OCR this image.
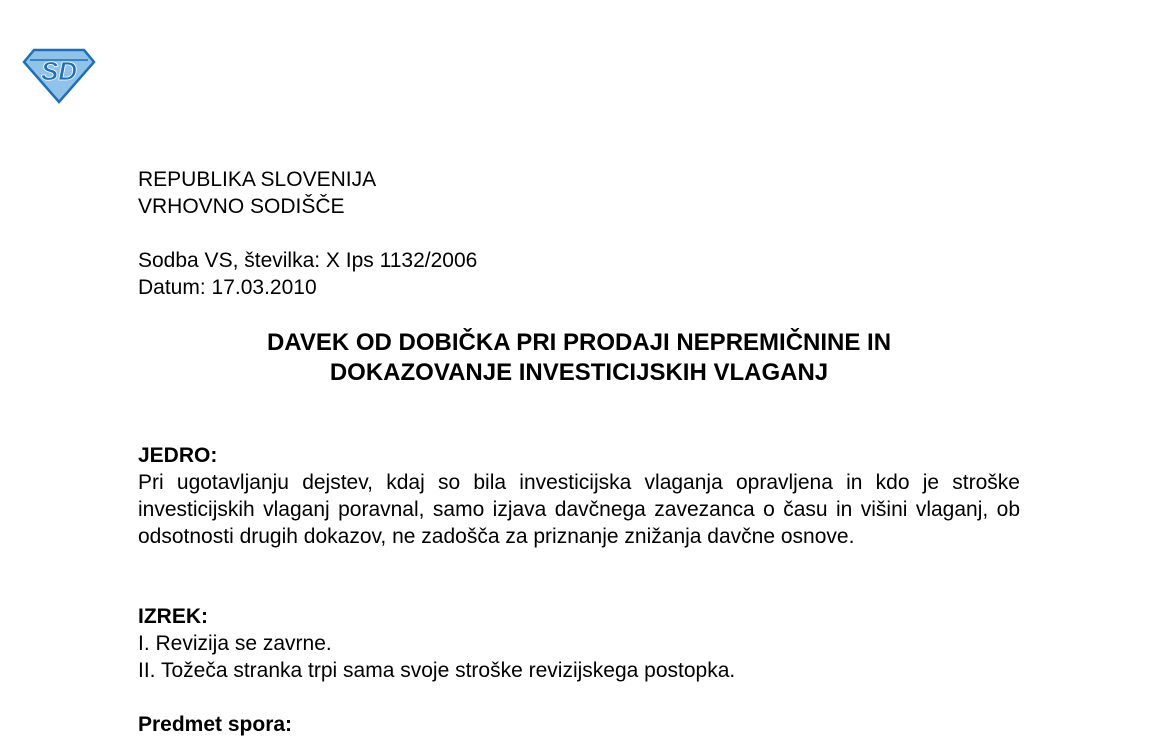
SD
REPUBLIKA SLOVENIJA
VRHOVNO SODIŠČE
Sodba VS, številka: X Ips 1132/2006
Datum: 17.03.2010
DAVEK OD DOBIČKA PRI PRODAJI NEPREMIČNINE IN
DOKAZOVANJE INVESTICIJSKIH VLAGANJ
JEDRO:
Pri ugotavljanju dejstev, kdaj so bila investicijska vlaganja opravljena in kdo je stroške investicijskih vlaganj poravnal, samo izjava davčnega zavezanca o času in višini vlaganj, ob odsotnosti drugih dokazov, ne zadošča za priznanje znižanja davčne osnove.
IZREK:
I. Revizija se zavrne.
II. Tožeča stranka trpi sama svoje stroške revizijskega postopka.
Predmet spora:
